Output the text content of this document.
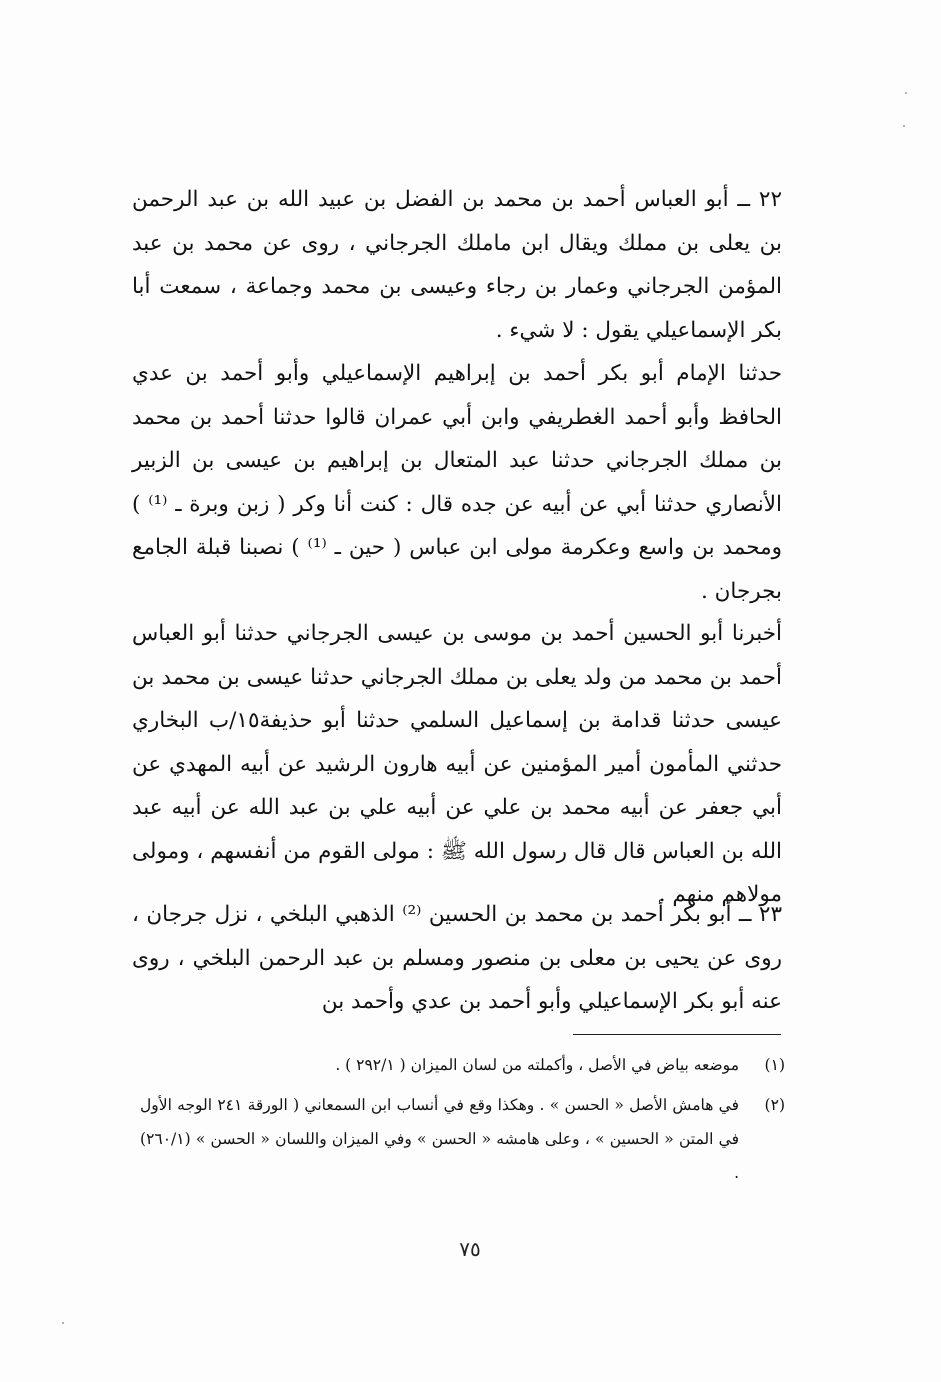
٢٢ ــ أبو العباس أحمد بن محمد بن الفضل بن عبيد الله بن عبد الرحمن بن يعلى بن مملك ويقال ابن ماملك الجرجاني ، روى عن محمد بن عبد المؤمن الجرجاني وعمار بن رجاء وعيسى بن محمد وجماعة ، سمعت أبا بكر الإسماعيلي يقول : لا شيء .

حدثنا الإمام أبو بكر أحمد بن إبراهيم الإسماعيلي وأبو أحمد بن عدي الحافظ وأبو أحمد الغطريفي وابن أبي عمران قالوا حدثنا أحمد بن محمد بن مملك الجرجاني حدثنا عبد المتعال بن إبراهيم بن عيسى بن الزبير الأنصاري حدثنا أبي عن أبيه عن جده قال : كنت أنا وكر ( زبن وبرة ـ ⁽¹⁾ ) ومحمد بن واسع وعكرمة مولى ابن عباس ( حين ـ ⁽¹⁾ ) نصبنا قبلة الجامع بجرجان .

أخبرنا أبو الحسين أحمد بن موسى بن عيسى الجرجاني حدثنا أبو العباس أحمد بن محمد من ولد يعلى بن مملك الجرجاني حدثنا عيسى بن محمد بن عيسى حدثنا قدامة بن إسماعيل السلمي حدثنا أبو حذيفة١٥/ب البخاري حدثني المأمون أمير المؤمنين عن أبيه هارون الرشيد عن أبيه المهدي عن أبي جعفر عن أبيه محمد بن علي عن أبيه علي بن عبد الله عن أبيه عبد الله بن العباس قال قال رسول الله ﷺ : مولى القوم من أنفسهم ، ومولى مولاهم منهم .

٢٣ ــ أبو بكر أحمد بن محمد بن الحسين ⁽²⁾ الذهبي البلخي ، نزل جرجان ، روى عن يحيى بن معلى بن منصور ومسلم بن عبد الرحمن البلخي ، روى عنه أبو بكر الإسماعيلي وأبو أحمد بن عدي وأحمد بن

(١)
موضعه بياض في الأصل ، وأكملته من لسان الميزان ( ٢٩٢/١ ) .
(٢)
في هامش الأصل « الحسن » . وهكذا وقع في أنساب ابن السمعاني ( الورقة ٢٤١ الوجه الأول في المتن « الحسين » ، وعلى هامشه « الحسن » وفي الميزان واللسان « الحسن » (٢٦٠/١) .
٧٥
